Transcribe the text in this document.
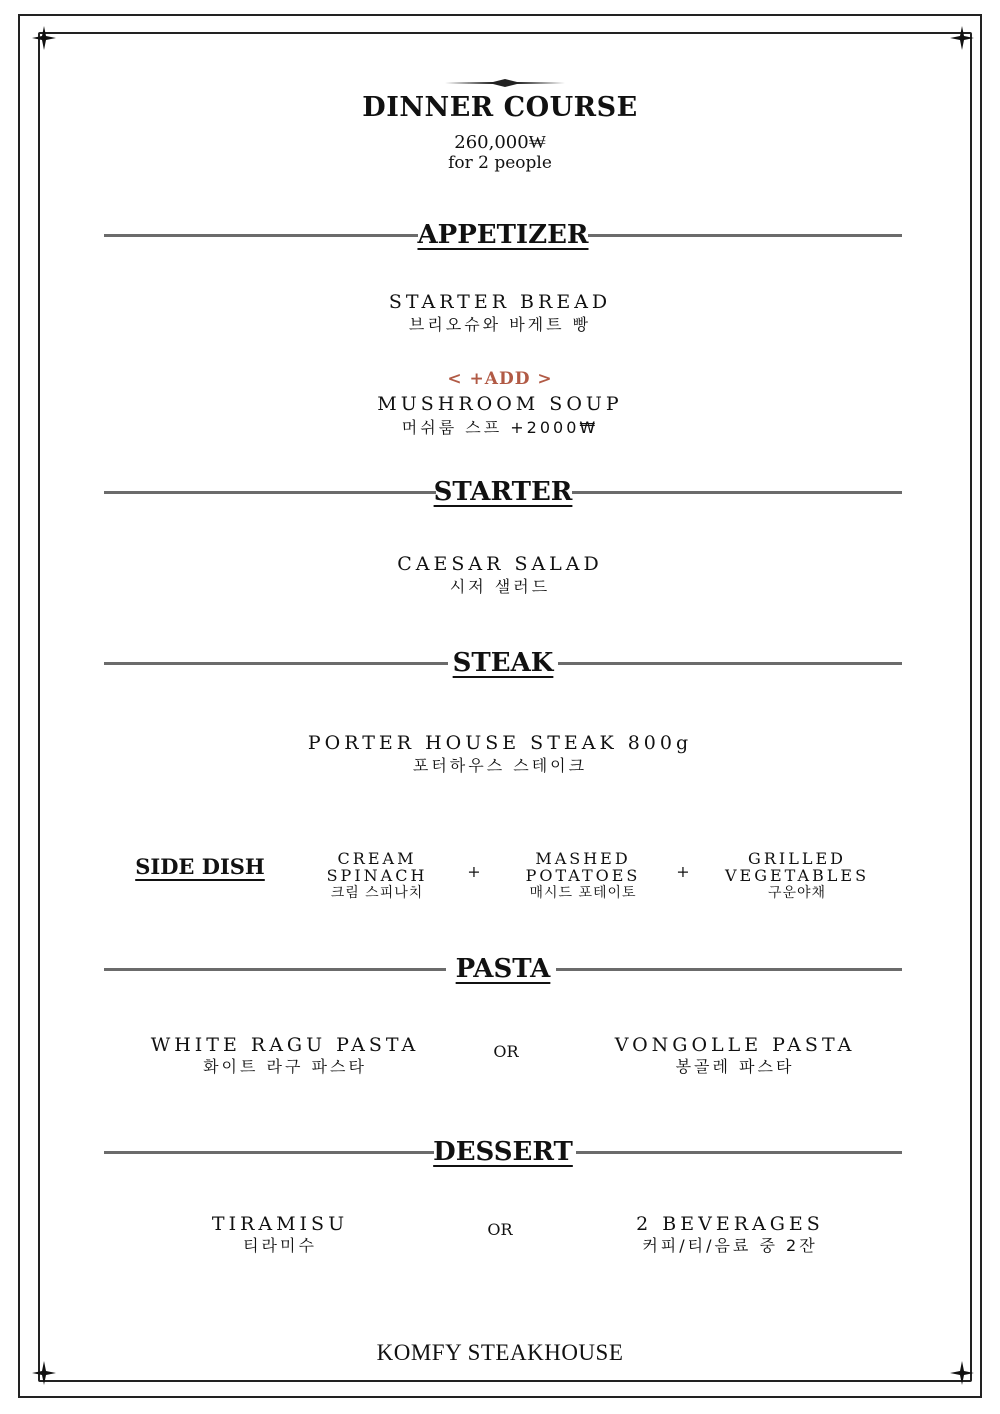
DINNER COURSE
260,000₩
for 2 people
APPETIZER
STARTER BREAD
브리오슈와 바게트 빵
< +ADD >
MUSHROOM SOUP
머쉬룸 스프 +2000₩
STARTER
CAESAR SALAD
시저 샐러드
STEAK
PORTER HOUSE STEAK 800g
포터하우스 스테이크
SIDE DISH	CREAM
SPINACH
크림 스피나치
+
MASHED
POTATOES
매시드 포테이토
+
GRILLED
VEGETABLES
구운야채
PASTA
WHITE RAGU PASTA
화이트 라구 파스타
OR	VONGOLLE PASTA
봉골레 파스타
DESSERT
TIRAMISU
티라미수
OR	2 BEVERAGES
커피/티/음료 중 2잔
KOMFY STEAKHOUSE
